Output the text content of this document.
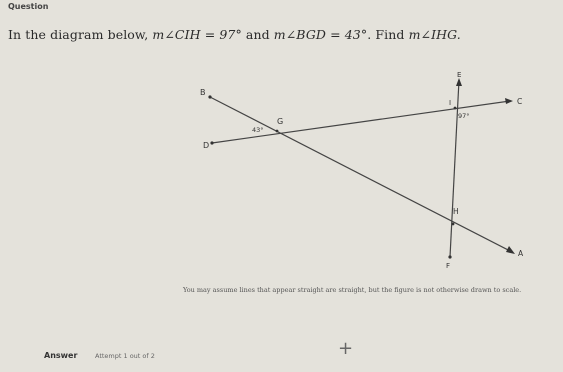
Question
In the diagram below, m∠CIH = 97° and m∠BGD = 43°. Find m∠IHG.
B
G
D
E
I	C
H
F
A
97°
43°
You may assume lines that appear straight are straight, but the figure is not otherwise drawn to scale.
Answer	Attempt 1 out of 2	+
